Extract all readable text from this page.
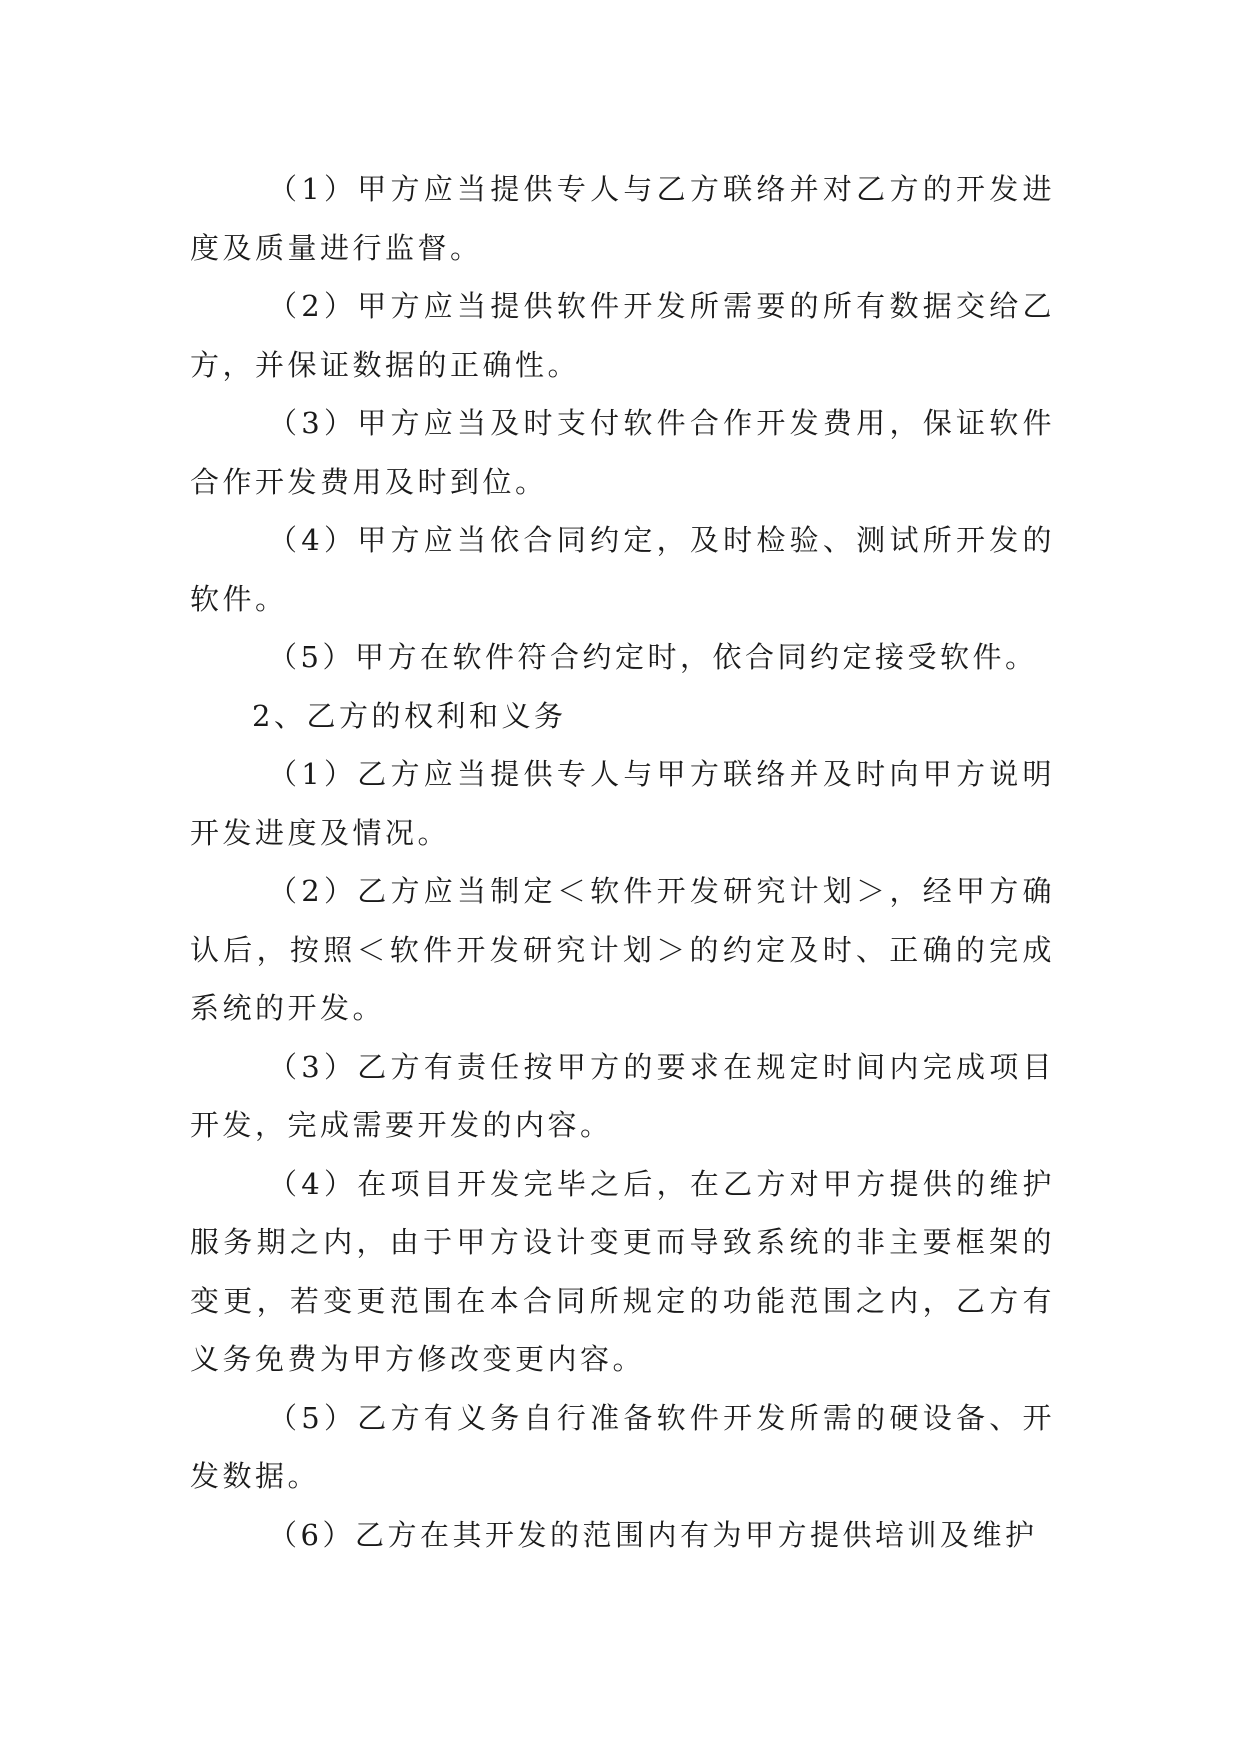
（1）甲方应当提供专人与乙方联络并对乙方的开发进度及质量进行监督。

（2）甲方应当提供软件开发所需要的所有数据交给乙方，并保证数据的正确性。

（3）甲方应当及时支付软件合作开发费用，保证软件合作开发费用及时到位。

（4）甲方应当依合同约定，及时检验、测试所开发的软件。

（5）甲方在软件符合约定时，依合同约定接受软件。

2、乙方的权利和义务

（1）乙方应当提供专人与甲方联络并及时向甲方说明开发进度及情况。

（2）乙方应当制定＜软件开发研究计划＞，经甲方确认后，按照＜软件开发研究计划＞的约定及时、正确的完成系统的开发。

（3）乙方有责任按甲方的要求在规定时间内完成项目开发，完成需要开发的内容。

（4）在项目开发完毕之后，在乙方对甲方提供的维护服务期之内，由于甲方设计变更而导致系统的非主要框架的变更，若变更范围在本合同所规定的功能范围之内，乙方有义务免费为甲方修改变更内容。

（5）乙方有义务自行准备软件开发所需的硬设备、开发数据。

（6）乙方在其开发的范围内有为甲方提供培训及维护
